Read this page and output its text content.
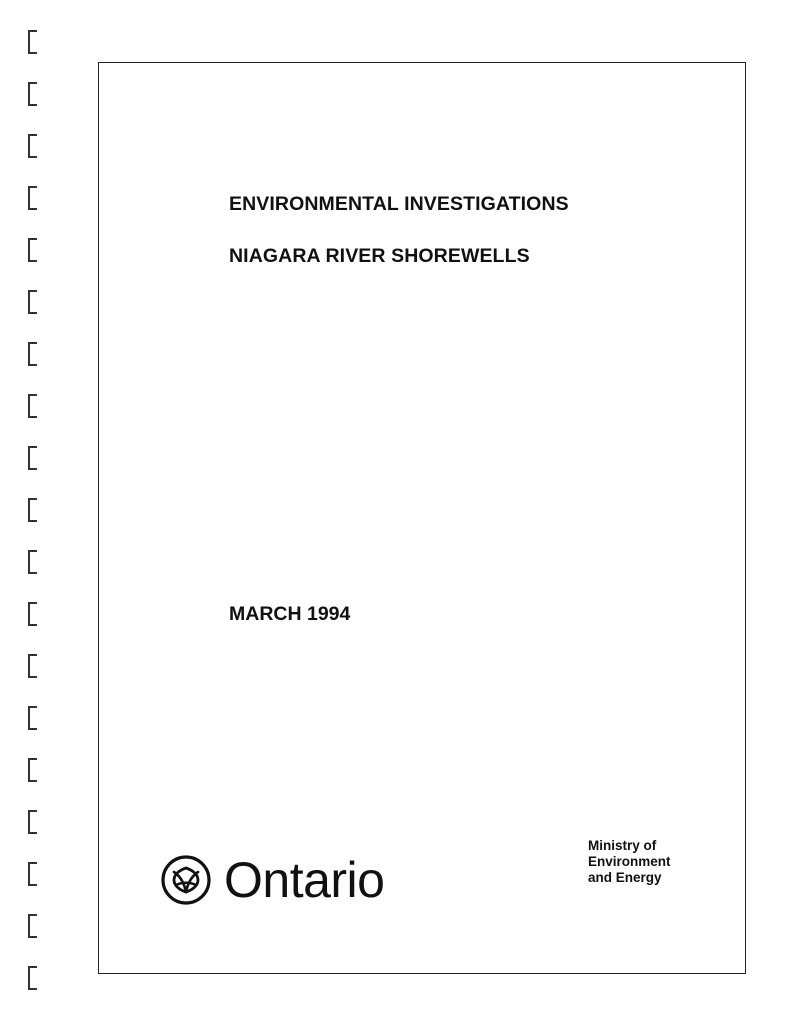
ENVIRONMENTAL INVESTIGATIONS
NIAGARA RIVER SHOREWELLS
MARCH 1994
Ontario
Ministry of
Environment
and Energy
